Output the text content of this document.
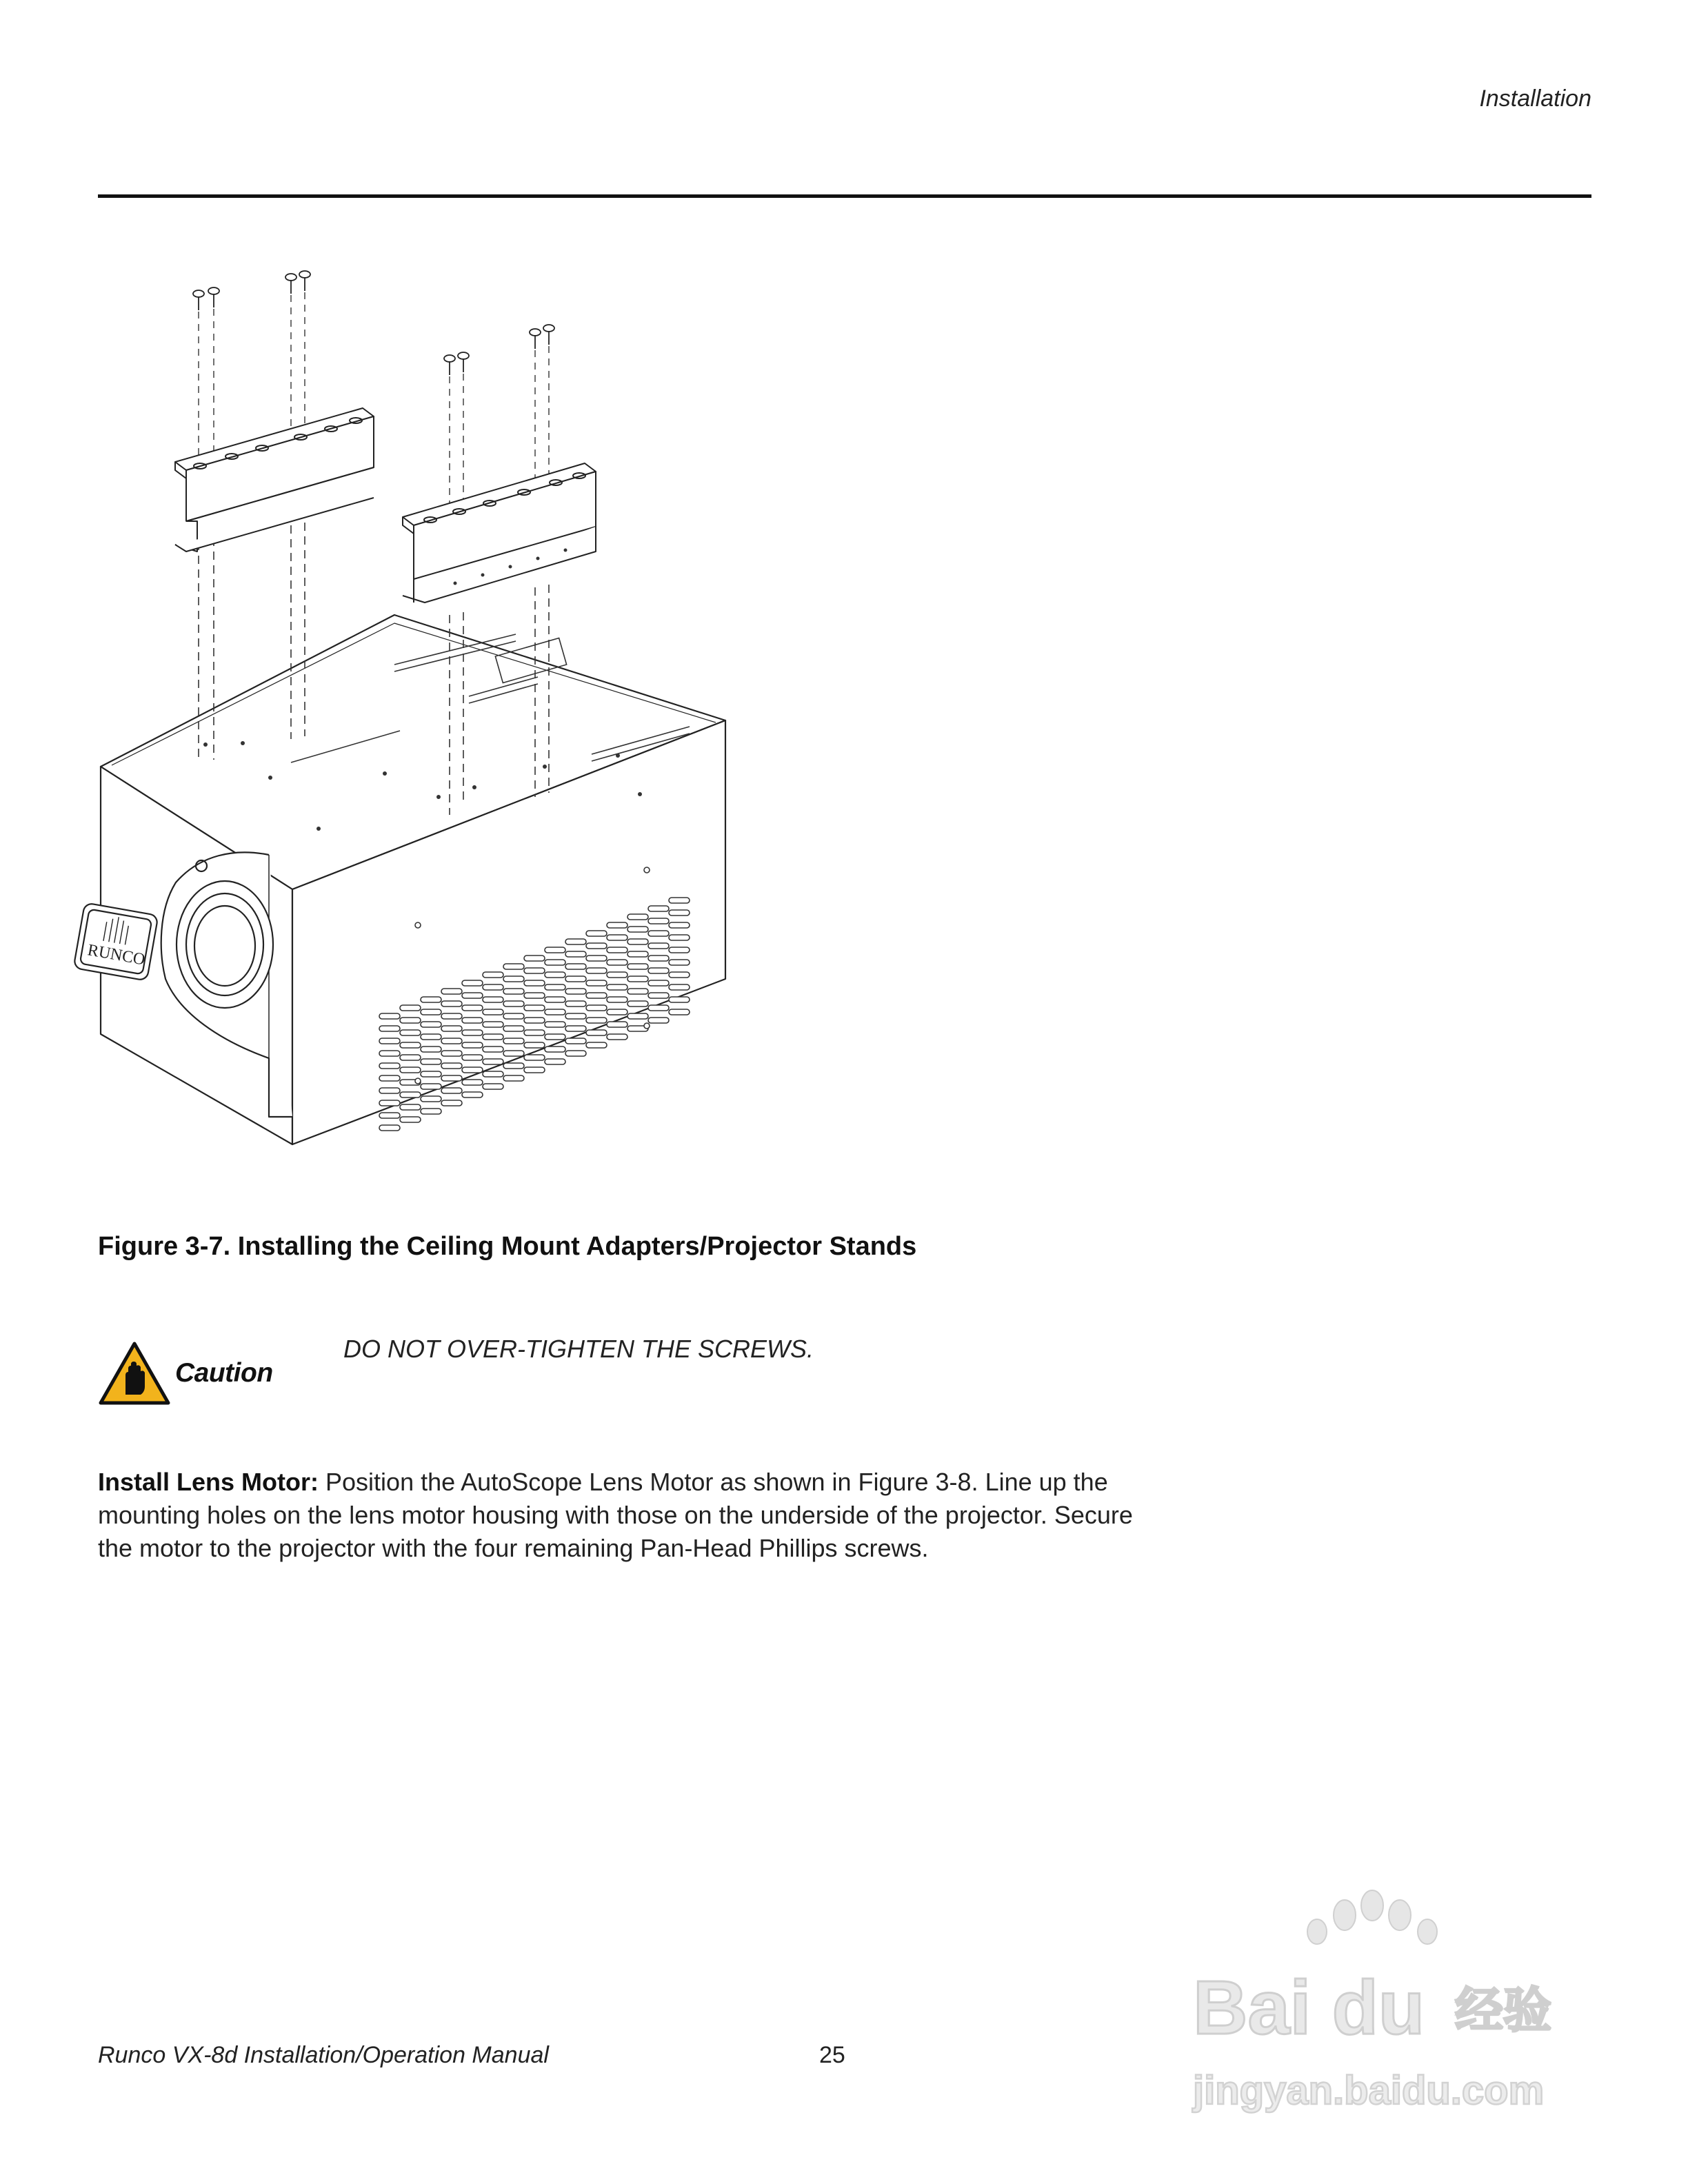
Installation
RUNCO
Figure 3-7. Installing the Ceiling Mount Adapters/Projector Stands
Caution
DO NOT OVER-TIGHTEN THE SCREWS.
Install Lens Motor: Position the AutoScope Lens Motor as shown in Figure 3-8. Line up the mounting holes on the lens motor housing with those on the underside of the projector. Secure the motor to the projector with the four remaining Pan-Head Phillips screws.
Runco VX-8d Installation/Operation Manual	25
Bai du 经验
jingyan.baidu.com
